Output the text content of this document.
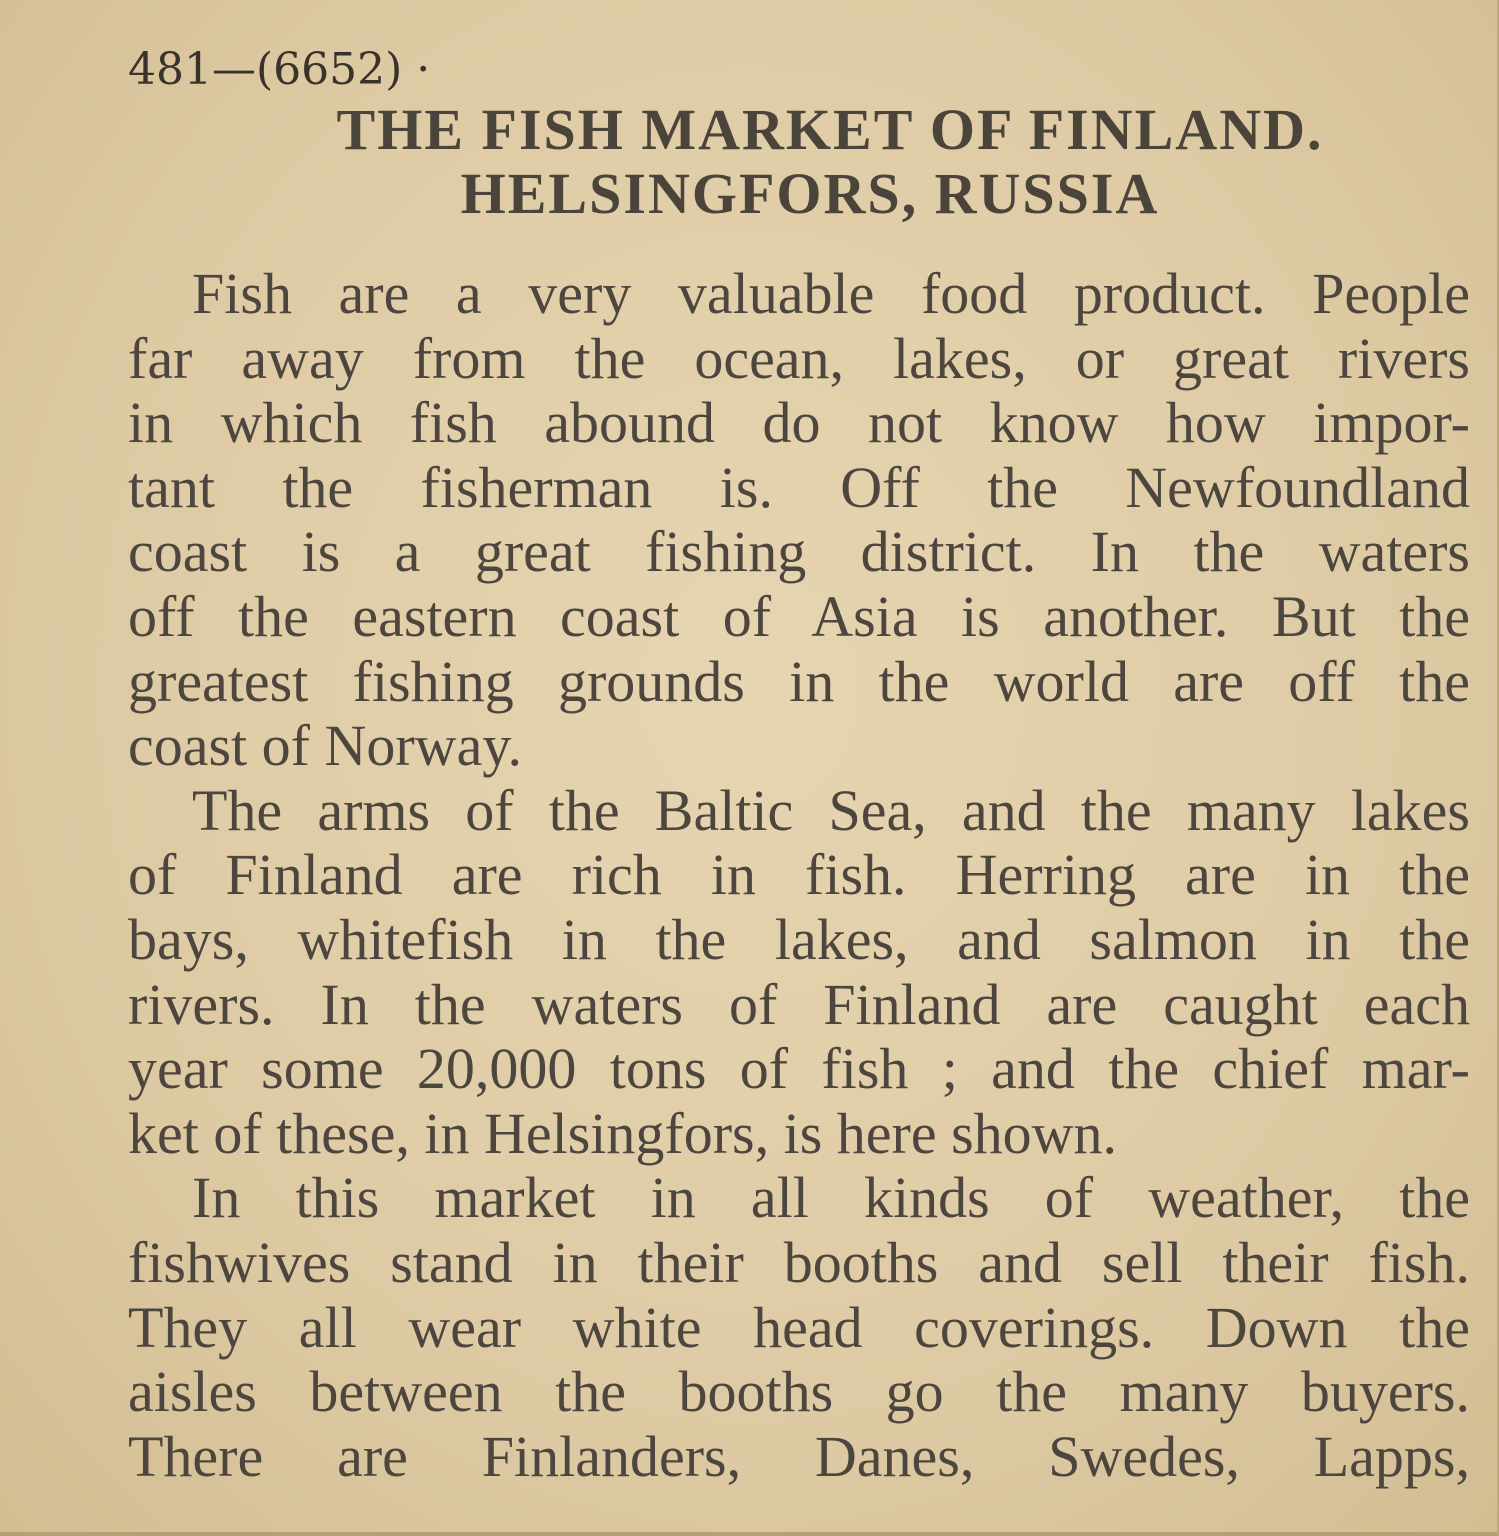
481—(6652) ·
THE FISH MARKET OF FINLAND.
HELSINGFORS, RUSSIA
Fish are a very valuable food product. People
far away from the ocean, lakes, or great rivers
in which fish abound do not know how impor-
tant the fisherman is. Off the Newfoundland
coast is a great fishing district. In the waters
off the eastern coast of Asia is another. But the
greatest fishing grounds in the world are off the
coast of Norway.
The arms of the Baltic Sea, and the many lakes
of Finland are rich in fish. Herring are in the
bays, whitefish in the lakes, and salmon in the
rivers. In the waters of Finland are caught each
year some 20,000 tons of fish ; and the chief mar-
ket of these, in Helsingfors, is here shown.
In this market in all kinds of weather, the
fishwives stand in their booths and sell their fish.
They all wear white head coverings. Down the
aisles between the booths go the many buyers.
There are Finlanders, Danes, Swedes, Lapps,
